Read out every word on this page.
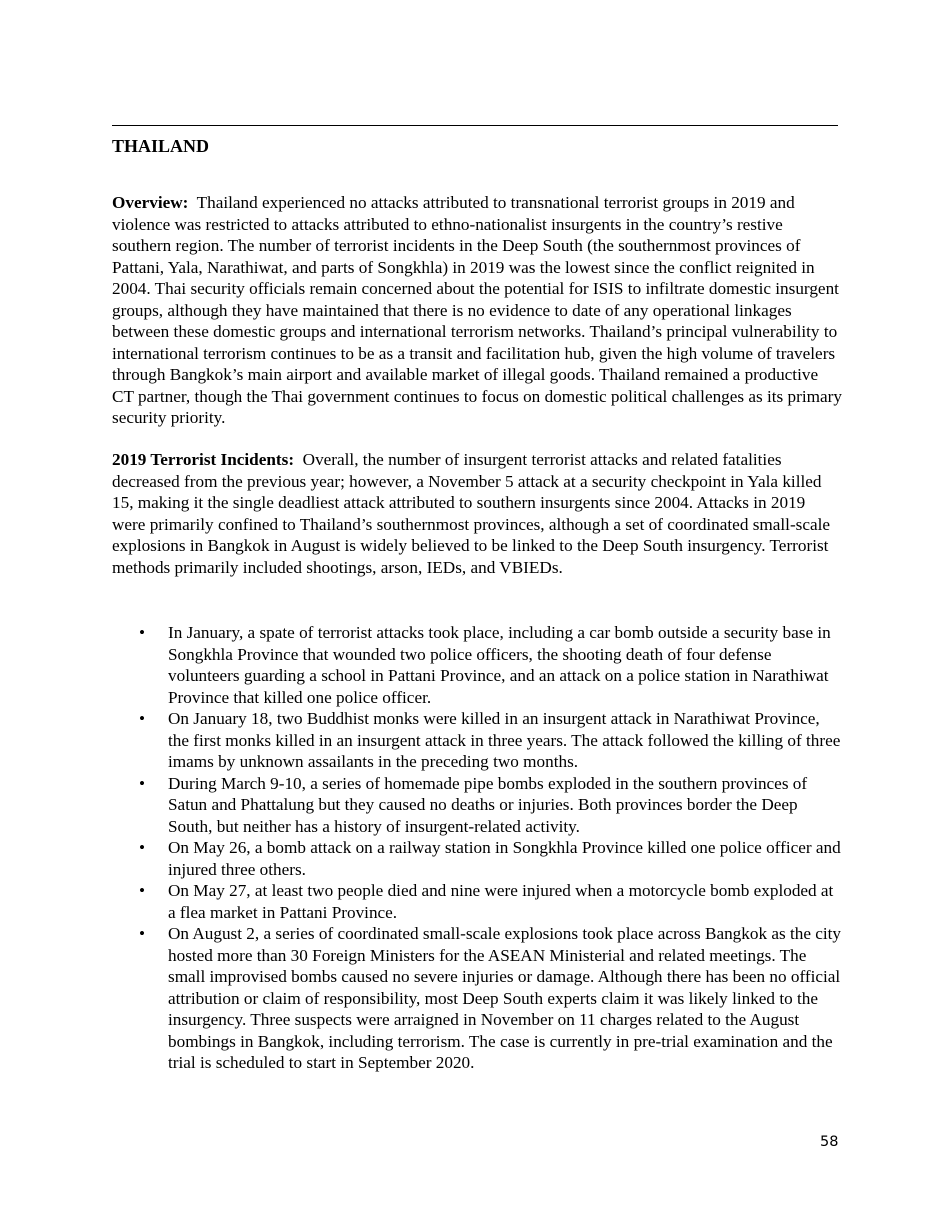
THAILAND

Overview: Thailand experienced no attacks attributed to transnational terrorist groups in 2019 and violence was restricted to attacks attributed to ethno-nationalist insurgents in the country’s restive southern region. The number of terrorist incidents in the Deep South (the southernmost provinces of Pattani, Yala, Narathiwat, and parts of Songkhla) in 2019 was the lowest since the conflict reignited in 2004. Thai security officials remain concerned about the potential for ISIS to infiltrate domestic insurgent groups, although they have maintained that there is no evidence to date of any operational linkages between these domestic groups and international terrorism networks. Thailand’s principal vulnerability to international terrorism continues to be as a transit and facilitation hub, given the high volume of travelers through Bangkok’s main airport and available market of illegal goods. Thailand remained a productive CT partner, though the Thai government continues to focus on domestic political challenges as its primary security priority.

2019 Terrorist Incidents: Overall, the number of insurgent terrorist attacks and related fatalities decreased from the previous year; however, a November 5 attack at a security checkpoint in Yala killed 15, making it the single deadliest attack attributed to southern insurgents since 2004. Attacks in 2019 were primarily confined to Thailand’s southernmost provinces, although a set of coordinated small-scale explosions in Bangkok in August is widely believed to be linked to the Deep South insurgency. Terrorist methods primarily included shootings, arson, IEDs, and VBIEDs.

• In January, a spate of terrorist attacks took place, including a car bomb outside a security base in Songkhla Province that wounded two police officers, the shooting death of four defense volunteers guarding a school in Pattani Province, and an attack on a police station in Narathiwat Province that killed one police officer.
• On January 18, two Buddhist monks were killed in an insurgent attack in Narathiwat Province, the first monks killed in an insurgent attack in three years. The attack followed the killing of three imams by unknown assailants in the preceding two months.
• During March 9-10, a series of homemade pipe bombs exploded in the southern provinces of Satun and Phattalung but they caused no deaths or injuries. Both provinces border the Deep South, but neither has a history of insurgent-related activity.
• On May 26, a bomb attack on a railway station in Songkhla Province killed one police officer and injured three others.
• On May 27, at least two people died and nine were injured when a motorcycle bomb exploded at a flea market in Pattani Province.
• On August 2, a series of coordinated small-scale explosions took place across Bangkok as the city hosted more than 30 Foreign Ministers for the ASEAN Ministerial and related meetings. The small improvised bombs caused no severe injuries or damage. Although there has been no official attribution or claim of responsibility, most Deep South experts claim it was likely linked to the insurgency. Three suspects were arraigned in November on 11 charges related to the August bombings in Bangkok, including terrorism. The case is currently in pre-trial examination and the trial is scheduled to start in September 2020.
58
